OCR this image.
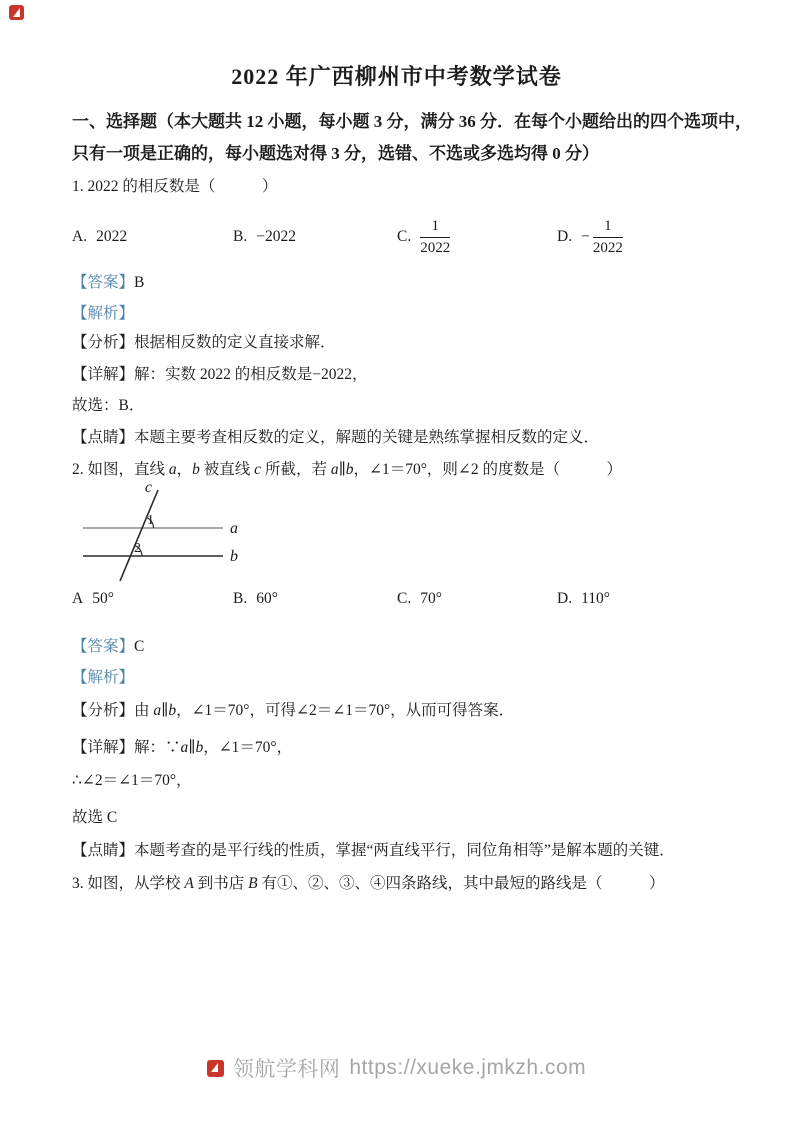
2022 年广西柳州市中考数学试卷
一、选择题（本大题共 12 小题，每小题 3 分，满分 36 分．在每个小题给出的四个选项中，
只有一项是正确的，每小题选对得 3 分，选错、不选或多选均得 0 分）
1. 2022 的相反数是（　　　）
A. 2022	B. −2022	C. $\frac{1}{2022}$	D. − $\frac{1}{2022}$
【答案】B
【解析】
【分析】根据相反数的定义直接求解．
【详解】解：实数 2022 的相反数是−2022，
故选：B．
【点睛】本题主要考查相反数的定义，解题的关键是熟练掌握相反数的定义．
2. 如图，直线 a，b 被直线 c 所截，若 a∥b，∠1＝70°，则∠2 的度数是（　　　）
c
a
b
1
2
A 50°	B. 60°	C. 70°	D. 110°
【答案】C
【解析】
【分析】由 a∥b，∠1＝70°，可得∠2＝∠1＝70°，从而可得答案．
【详解】解：∵a∥b，∠1＝70°，
∴∠2＝∠1＝70°，
故选 C
【点睛】本题考查的是平行线的性质，掌握“两直线平行，同位角相等”是解本题的关键．
3. 如图，从学校 A 到书店 B 有①、②、③、④四条路线，其中最短的路线是（　　　）
领航学科网 https://xueke.jmkzh.com
